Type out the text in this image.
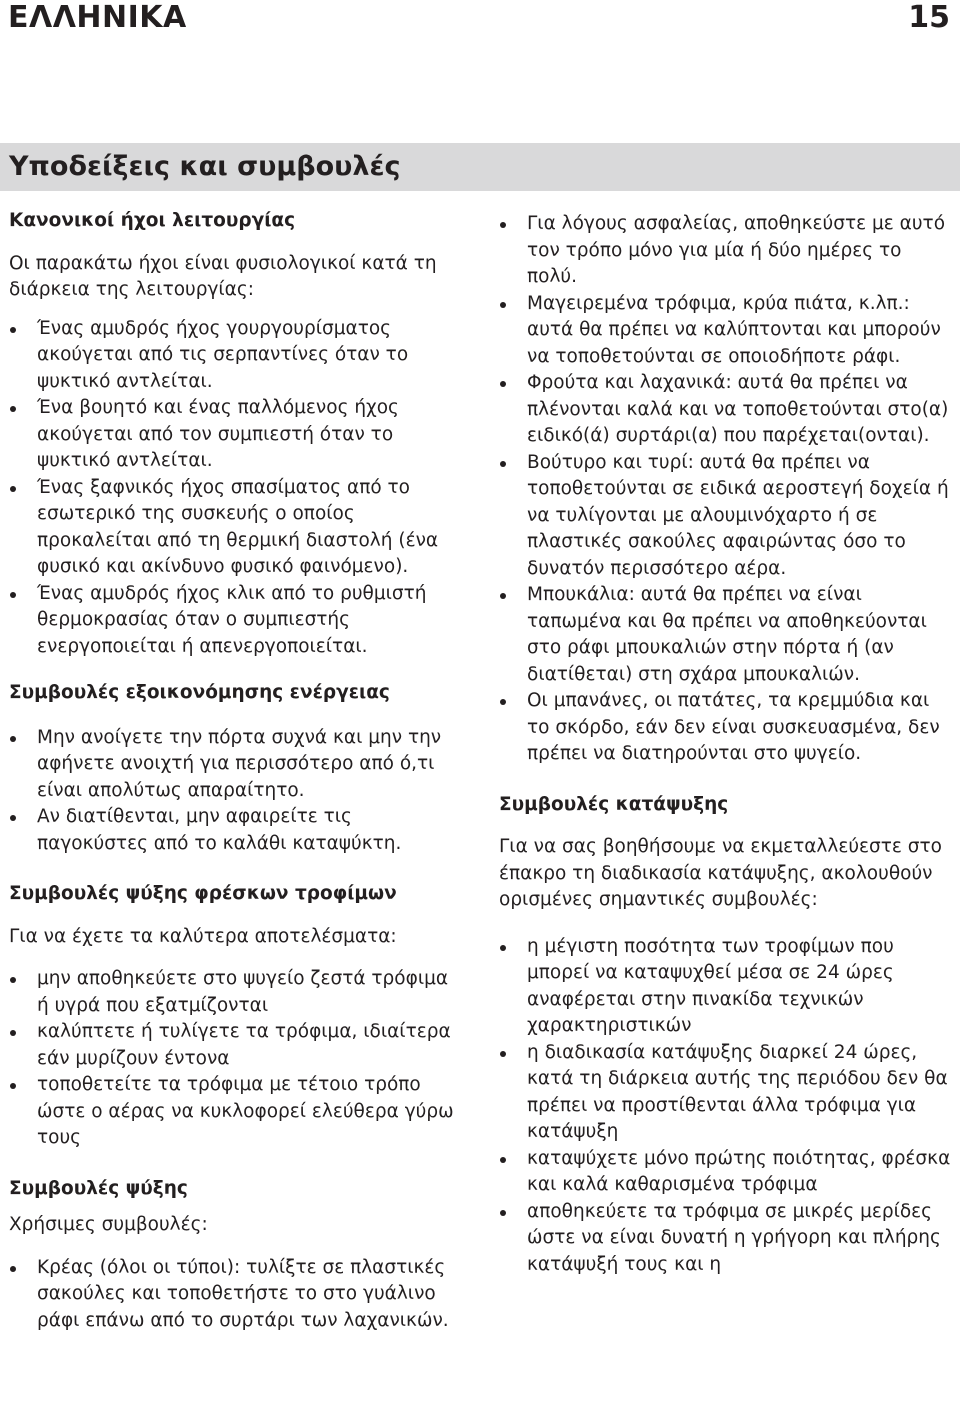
ΕΛΛΗΝΙΚΑ	15
Υποδείξεις και συμβουλές
Κανονικοί ήχοι λειτουργίας

Οι παρακάτω ήχοι είναι φυσιολογικοί κατά τη διάρκεια της λειτουργίας:

Ένας αμυδρός ήχος γουργουρίσματος ακούγεται από τις σερπαντίνες όταν το ψυκτικό αντλείται.
Ένα βουητό και ένας παλλόμενος ήχος ακούγεται από τον συμπιεστή όταν το ψυκτικό αντλείται.
Ένας ξαφνικός ήχος σπασίματος από το εσωτερικό της συσκευής ο οποίος προκαλείται από τη θερμική διαστολή (ένα φυσικό και ακίνδυνο φυσικό φαινόμενο).
Ένας αμυδρός ήχος κλικ από το ρυθμιστή θερμοκρασίας όταν ο συμπιεστής ενεργοποιείται ή απενεργοποιείται.
Συμβουλές εξοικονόμησης ενέργειας
Μην ανοίγετε την πόρτα συχνά και μην την αφήνετε ανοιχτή για περισσότερο από ό,τι είναι απολύτως απαραίτητο.
Αν διατίθενται, μην αφαιρείτε τις παγοκύστες από το καλάθι καταψύκτη.
Συμβουλές ψύξης φρέσκων τροφίμων

Για να έχετε τα καλύτερα αποτελέσματα:

μην αποθηκεύετε στο ψυγείο ζεστά τρόφιμα ή υγρά που εξατμίζονται
καλύπτετε ή τυλίγετε τα τρόφιμα, ιδιαίτερα εάν μυρίζουν έντονα
τοποθετείτε τα τρόφιμα με τέτοιο τρόπο ώστε ο αέρας να κυκλοφορεί ελεύθερα γύρω τους
Συμβουλές ψύξης

Χρήσιμες συμβουλές:

Κρέας (όλοι οι τύποι): τυλίξτε σε πλαστικές σακούλες και τοποθετήστε το στο γυάλινο ράφι επάνω από το συρτάρι των λαχανικών.
Για λόγους ασφαλείας, αποθηκεύστε με αυτό τον τρόπο μόνο για μία ή δύο ημέρες το πολύ.
Μαγειρεμένα τρόφιμα, κρύα πιάτα, κ.λπ.: αυτά θα πρέπει να καλύπτονται και μπορούν να τοποθετούνται σε οποιοδήποτε ράφι.
Φρούτα και λαχανικά: αυτά θα πρέπει να πλένονται καλά και να τοποθετούνται στο(α) ειδικό(ά) συρτάρι(α) που παρέχεται(ονται).
Βούτυρο και τυρί: αυτά θα πρέπει να τοποθετούνται σε ειδικά αεροστεγή δοχεία ή να τυλίγονται με αλουμινόχαρτο ή σε πλαστικές σακούλες αφαιρώντας όσο το δυνατόν περισσότερο αέρα.
Μπουκάλια: αυτά θα πρέπει να είναι ταπωμένα και θα πρέπει να αποθηκεύονται στο ράφι μπουκαλιών στην πόρτα ή (αν διατίθεται) στη σχάρα μπουκαλιών.
Οι μπανάνες, οι πατάτες, τα κρεμμύδια και το σκόρδο, εάν δεν είναι συσκευασμένα, δεν πρέπει να διατηρούνται στο ψυγείο.
Συμβουλές κατάψυξης

Για να σας βοηθήσουμε να εκμεταλλεύεστε στο έπακρο τη διαδικασία κατάψυξης, ακολουθούν ορισμένες σημαντικές συμβουλές:

η μέγιστη ποσότητα των τροφίμων που μπορεί να καταψυχθεί μέσα σε 24 ώρες αναφέρεται στην πινακίδα τεχνικών χαρακτηριστικών
η διαδικασία κατάψυξης διαρκεί 24 ώρες, κατά τη διάρκεια αυτής της περιόδου δεν θα πρέπει να προστίθενται άλλα τρόφιμα για κατάψυξη
καταψύχετε μόνο πρώτης ποιότητας, φρέσκα και καλά καθαρισμένα τρόφιμα
αποθηκεύετε τα τρόφιμα σε μικρές μερίδες ώστε να είναι δυνατή η γρήγορη και πλήρης κατάψυξή τους και η
